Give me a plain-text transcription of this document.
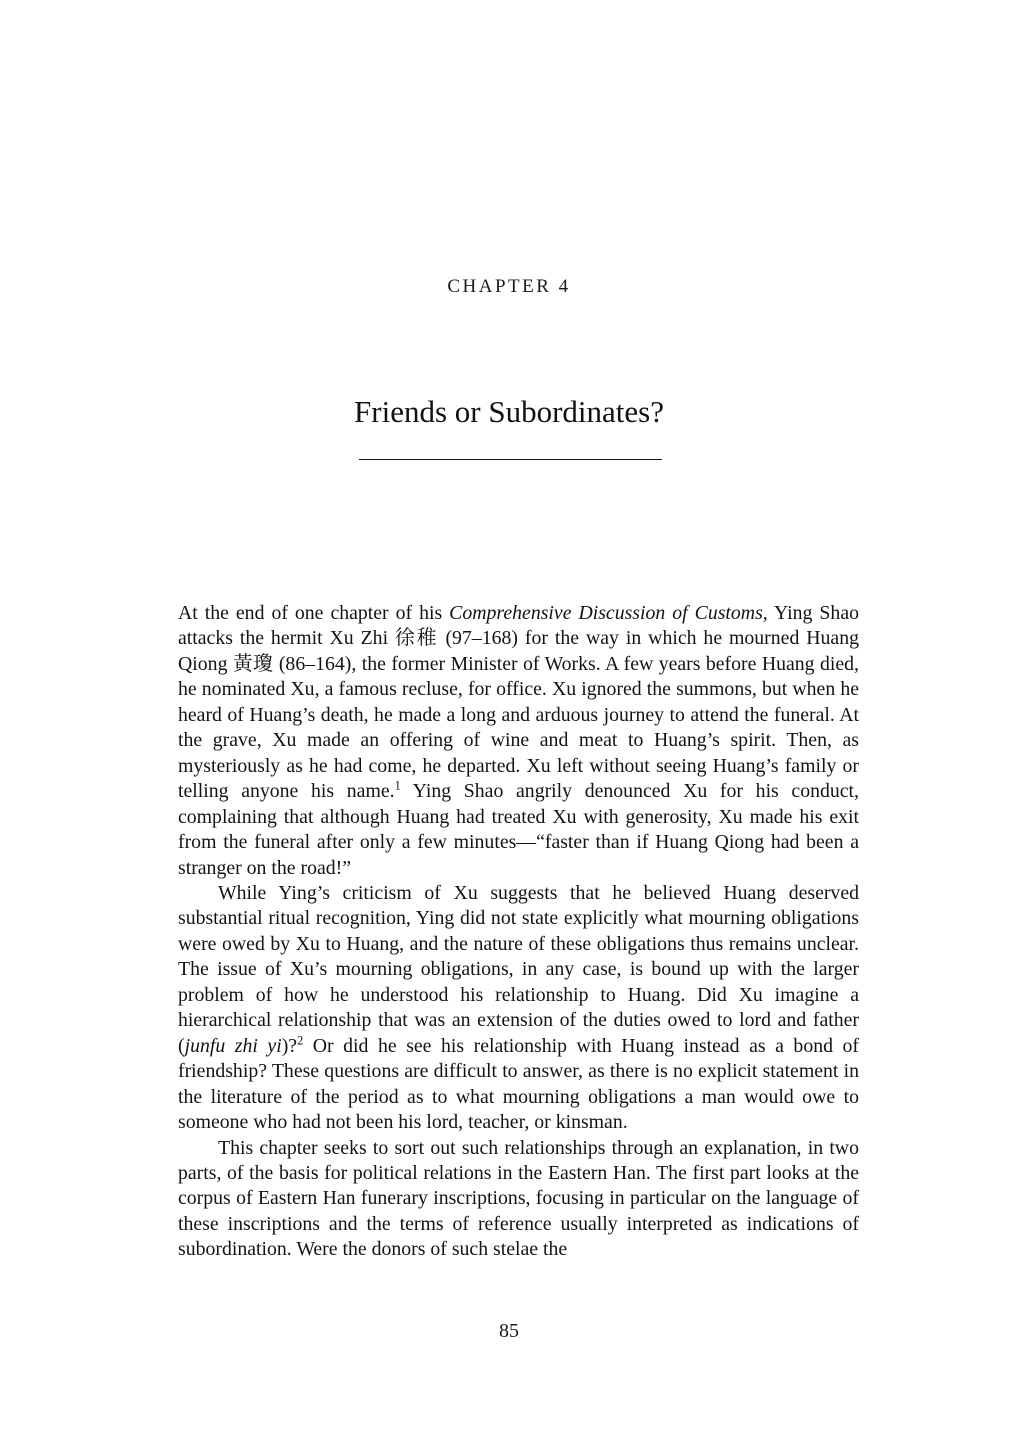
CHAPTER 4
Friends or Subordinates?

At the end of one chapter of his Comprehensive Discussion of Customs, Ying Shao attacks the hermit Xu Zhi 徐稚 (97–168) for the way in which he mourned Huang Qiong 黃瓊 (86–164), the former Minister of Works. A few years before Huang died, he nominated Xu, a famous recluse, for office. Xu ignored the summons, but when he heard of Huang’s death, he made a long and arduous journey to attend the funeral. At the grave, Xu made an offering of wine and meat to Huang’s spirit. Then, as mysteriously as he had come, he departed. Xu left without seeing Huang’s family or telling anyone his name.$^1$ Ying Shao angrily denounced Xu for his conduct, complaining that although Huang had treated Xu with generosity, Xu made his exit from the funeral after only a few minutes—“faster than if Huang Qiong had been a stranger on the road!”

While Ying’s criticism of Xu suggests that he believed Huang deserved substantial ritual recognition, Ying did not state explicitly what mourning obligations were owed by Xu to Huang, and the nature of these obligations thus remains unclear. The issue of Xu’s mourning obligations, in any case, is bound up with the larger problem of how he understood his relationship to Huang. Did Xu imagine a hierarchical relationship that was an extension of the duties owed to lord and father (junfu zhi yi)?$^2$ Or did he see his relationship with Huang instead as a bond of friendship? These questions are difficult to answer, as there is no explicit statement in the literature of the period as to what mourning obligations a man would owe to someone who had not been his lord, teacher, or kinsman.

This chapter seeks to sort out such relationships through an explanation, in two parts, of the basis for political relations in the Eastern Han. The first part looks at the corpus of Eastern Han funerary inscriptions, focusing in particular on the language of these inscriptions and the terms of reference usually interpreted as indications of subordination. Were the donors of such stelae the

85
